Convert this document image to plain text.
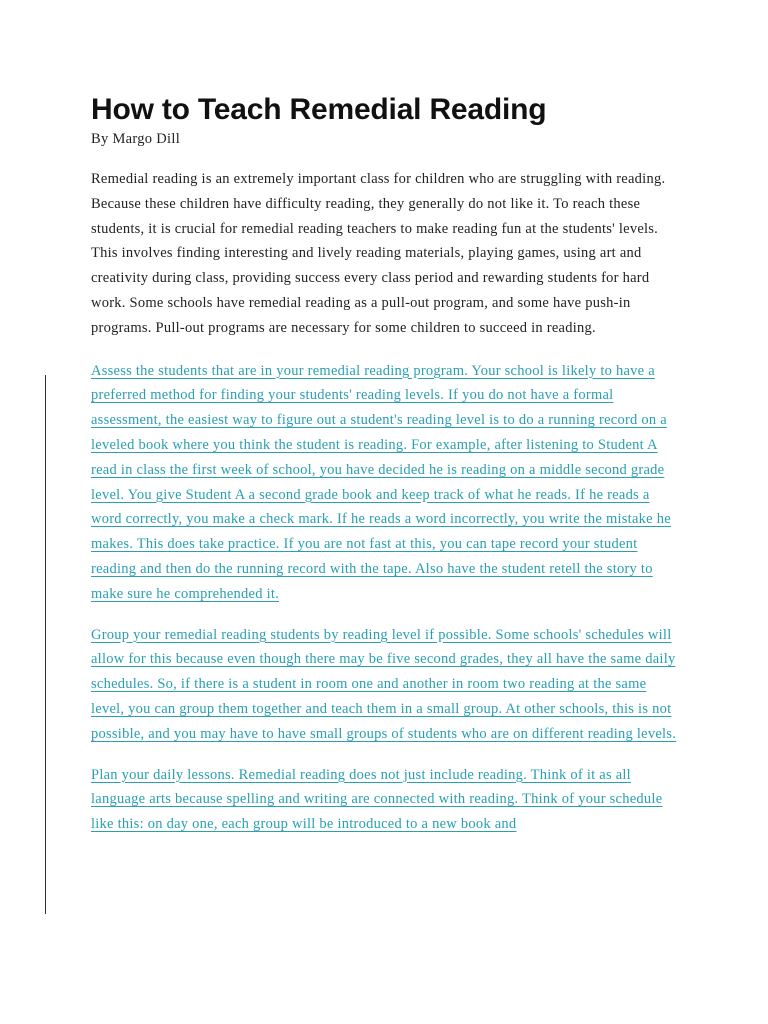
How to Teach Remedial Reading

By Margo Dill

Remedial reading is an extremely important class for children who are struggling with reading. Because these children have difficulty reading, they generally do not like it. To reach these students, it is crucial for remedial reading teachers to make reading fun at the students' levels. This involves finding interesting and lively reading materials, playing games, using art and creativity during class, providing success every class period and rewarding students for hard work. Some schools have remedial reading as a pull-out program, and some have push-in programs. Pull-out programs are necessary for some children to succeed in reading.

Assess the students that are in your remedial reading program. Your school is likely to have a preferred method for finding your students' reading levels. If you do not have a formal assessment, the easiest way to figure out a student's reading level is to do a running record on a leveled book where you think the student is reading. For example, after listening to Student A read in class the first week of school, you have decided he is reading on a middle second grade level. You give Student A a second grade book and keep track of what he reads. If he reads a word correctly, you make a check mark. If he reads a word incorrectly, you write the mistake he makes. This does take practice. If you are not fast at this, you can tape record your student reading and then do the running record with the tape. Also have the student retell the story to make sure he comprehended it.

Group your remedial reading students by reading level if possible. Some schools' schedules will allow for this because even though there may be five second grades, they all have the same daily schedules. So, if there is a student in room one and another in room two reading at the same level, you can group them together and teach them in a small group. At other schools, this is not possible, and you may have to have small groups of students who are on different reading levels.

Plan your daily lessons. Remedial reading does not just include reading. Think of it as all language arts because spelling and writing are connected with reading. Think of your schedule like this: on day one, each group will be introduced to a new book and
